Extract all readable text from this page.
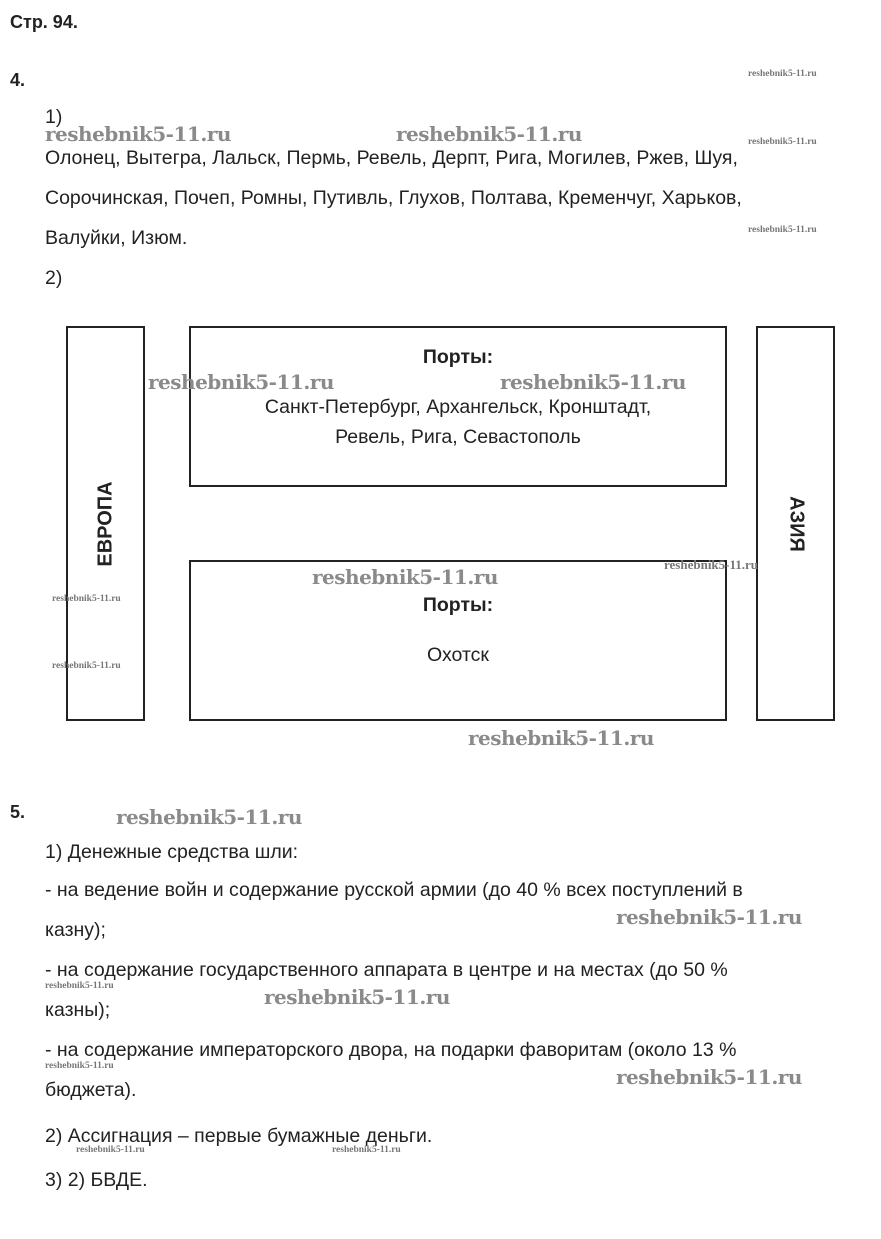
Стр. 94.
4.
1)
Олонец, Вытегра, Лальск, Пермь, Ревель, Дерпт, Рига, Могилев, Ржев, Шуя,
Сорочинская, Почеп, Ромны, Путивль, Глухов, Полтава, Кременчуг, Харьков,
Валуйки, Изюм.
2)
ЕВРОПА	АЗИЯ
Порты:
Санкт-Петербург, Архангельск, Кронштадт,
Ревель, Рига, Севастополь
Порты:
Охотск
5.
1) Денежные средства шли:
- на ведение войн и содержание русской армии (до 40 % всех поступлений в
казну);
- на содержание государственного аппарата в центре и на местах (до 50 %
казны);
- на содержание императорского двора, на подарки фаворитам (около 13 %
бюджета).
2) Ассигнация – первые бумажные деньги.
3) 2) БВДЕ.
reshebnik5-11.ru	reshebnik5-11.ru
reshebnik5-11.ru	reshebnik5-11.ru
reshebnik5-11.ru
reshebnik5-11.ru
reshebnik5-11.ru
reshebnik5-11.ru
reshebnik5-11.ru
reshebnik5-11.ru
reshebnik5-11.ru
reshebnik5-11.ru
reshebnik5-11.ru
reshebnik5-11.ru
reshebnik5-11.ru
reshebnik5-11.ru
reshebnik5-11.ru
reshebnik5-11.ru
reshebnik5-11.ru	reshebnik5-11.ru
